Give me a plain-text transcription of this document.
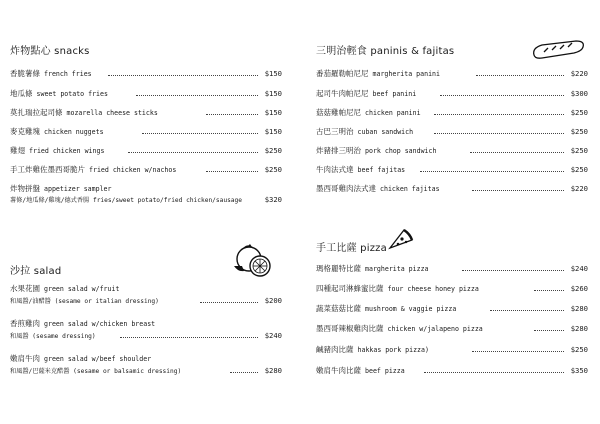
炸物點心 snacks
香脆薯條 french fries	$150
地瓜條 sweet potato fries	$150
莫扎瑞拉起司條 mozarella cheese sticks	$150
麥克雞塊 chicken nuggets	$150
雞翅 fried chicken wings	$250
手工炸雞佐墨西哥脆片 fried chicken w/nachos	$250
炸物拼盤 appetizer sampler
薯條/地瓜條/雞塊/德式香腸 fries/sweet potato/fried chicken/sausage	$320
沙拉 salad
水果花園 green salad w/fruit
和風醬/油醋醬 (sesame or italian dressing)	$200
香煎雞肉 green salad w/chicken breast
和風醬 (sesame dressing)	$240
嫩肩牛肉 green salad w/beef shoulder
和風醬/巴薩米克醋醬 (sesame or balsamic dressing)	$280
三明治輕食 paninis & fajitas
番茄羅勒帕尼尼 margherita panini	$220
起司牛肉帕尼尼 beef panini	$300
菇菇雞帕尼尼 chicken panini	$250
古巴三明治 cuban sandwich	$250
炸豬排三明治 pork chop sandwich	$250
牛肉法式達 beef fajitas	$250
墨西哥雞肉法式達 chicken fajitas	$220
手工比薩 pizza
瑪格麗特比薩 margherita pizza	$240
四種起司淋蜂蜜比薩 four cheese honey pizza	$260
蔬菜菇菇比薩 mushroom & vaggie pizza	$280
墨西哥辣椒雞肉比薩 chicken w/jalapeno pizza	$280
鹹豬肉比薩 hakkas pork pizza)	$250
嫩肩牛肉比薩 beef pizza	$350
